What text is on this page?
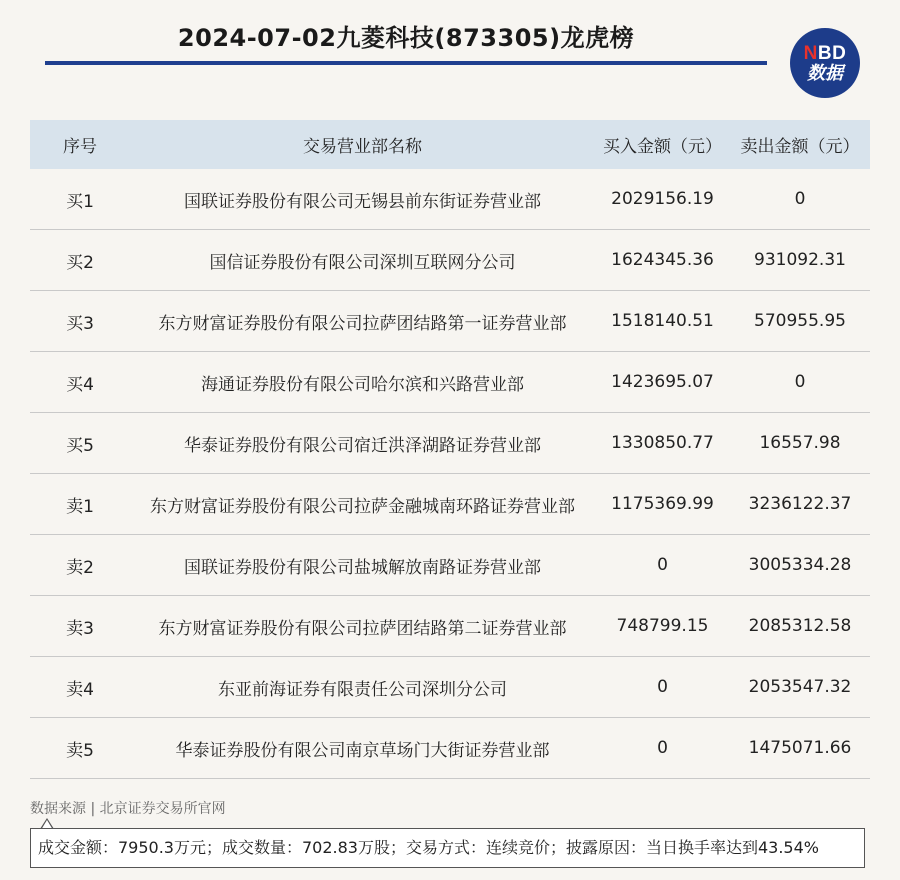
2024-07-02九菱科技(873305)龙虎榜
NBD
数据
序号	交易营业部名称	买入金额（元）	卖出金额（元）
买1	国联证券股份有限公司无锡县前东街证券营业部	2029156.19	0
买2	国信证券股份有限公司深圳互联网分公司	1624345.36	931092.31
买3	东方财富证券股份有限公司拉萨团结路第一证券营业部	1518140.51	570955.95
买4	海通证券股份有限公司哈尔滨和兴路营业部	1423695.07	0
买5	华泰证券股份有限公司宿迁洪泽湖路证券营业部	1330850.77	16557.98
卖1	东方财富证券股份有限公司拉萨金融城南环路证券营业部	1175369.99	3236122.37
卖2	国联证券股份有限公司盐城解放南路证券营业部	0	3005334.28
卖3	东方财富证券股份有限公司拉萨团结路第二证券营业部	748799.15	2085312.58
卖4	东亚前海证券有限责任公司深圳分公司	0	2053547.32
卖5	华泰证券股份有限公司南京草场门大街证券营业部	0	1475071.66
数据来源 | 北京证券交易所官网
成交金额：7950.3万元；成交数量：702.83万股；交易方式：连续竞价；披露原因：当日换手率达到43.54%
